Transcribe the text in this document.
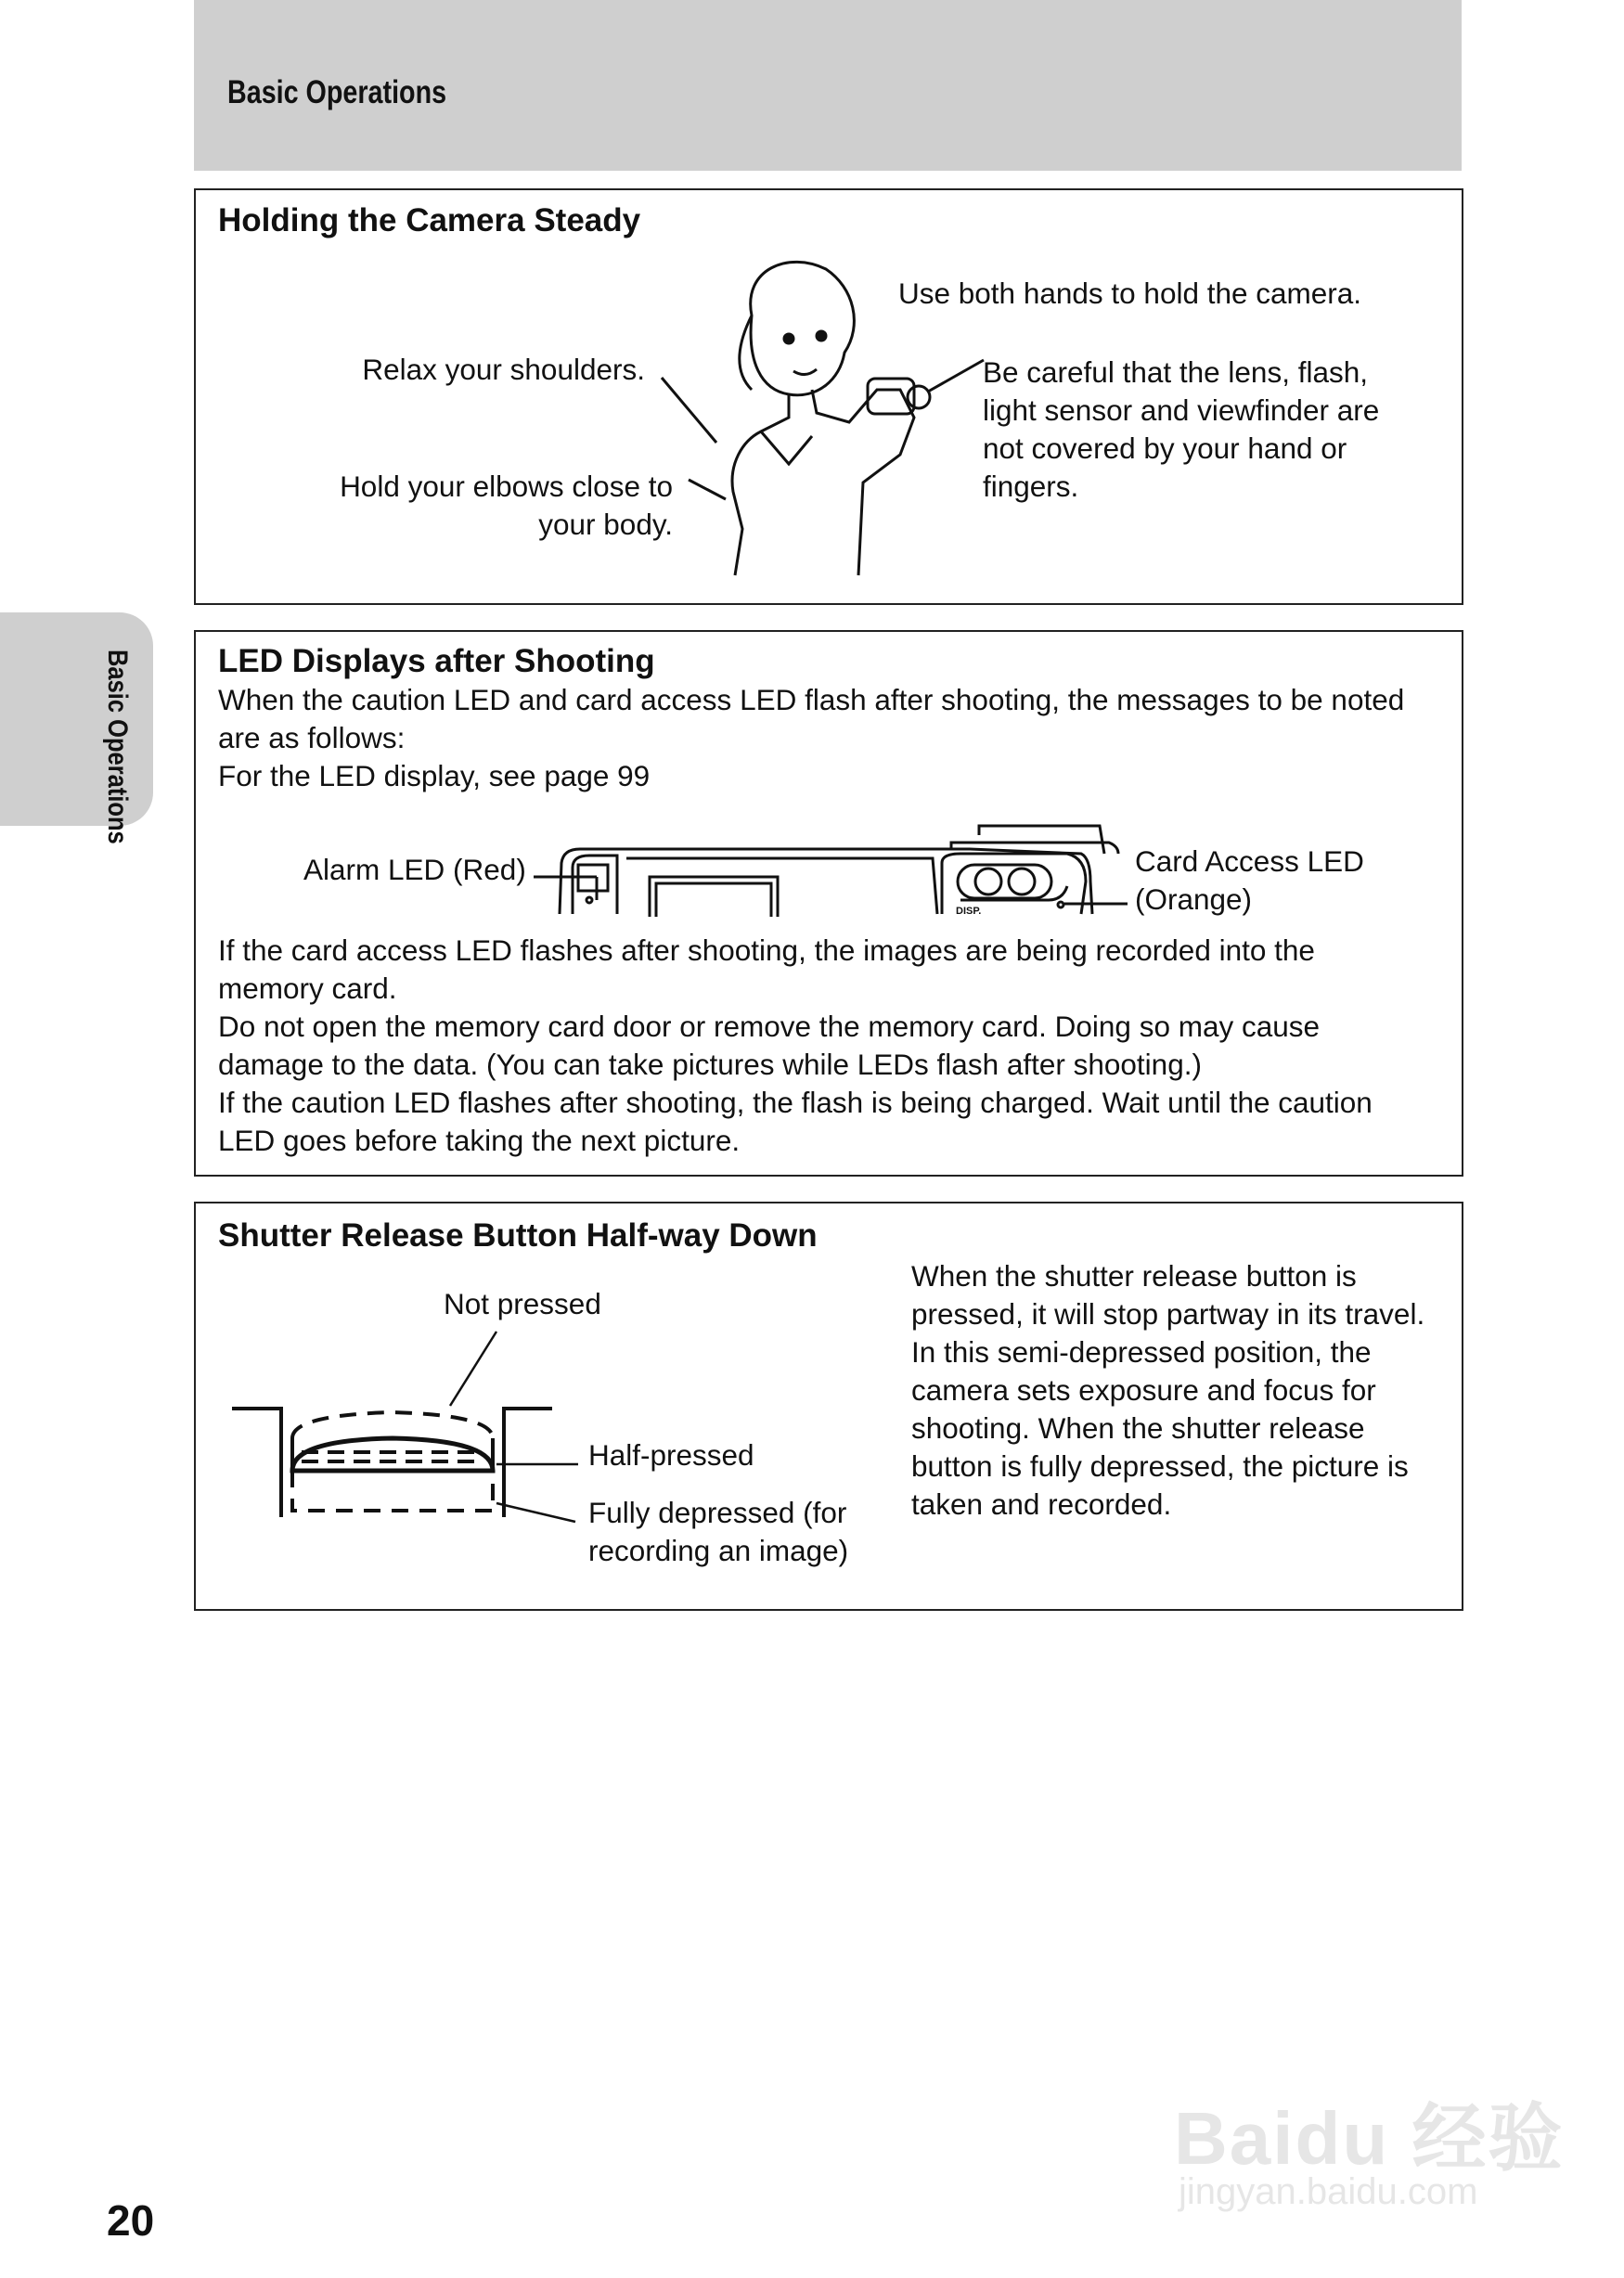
Basic Operations
Basic Operations
Holding the Camera Steady
Use both hands to hold the camera.
Relax your shoulders.
Hold your elbows close to
your body.
Be careful that the lens, flash,
light sensor and viewfinder are
not covered by your hand or
fingers.
LED Displays after Shooting
When the caution LED and card access LED flash after shooting, the messages to be noted
are as follows:
For the LED display, see page 99
Alarm LED (Red)	Card Access LED
(Orange)
DISP.
If the card access LED flashes after shooting, the images are being recorded into the
memory card.
Do not open the memory card door or remove the memory card. Doing so may cause
damage to the data. (You can take pictures while LEDs flash after shooting.)
If the caution LED flashes after shooting, the flash is being charged. Wait until the caution
LED goes before taking the next picture.
Shutter Release Button Half-way Down
When the shutter release button is
pressed, it will stop partway in its travel.
In this semi-depressed position, the
camera sets exposure and focus for
shooting. When the shutter release
button is fully depressed, the picture is
taken and recorded.
Not pressed
Half-pressed
Fully depressed (for
recording an image)
20
Baidu 经验
jingyan.baidu.com
